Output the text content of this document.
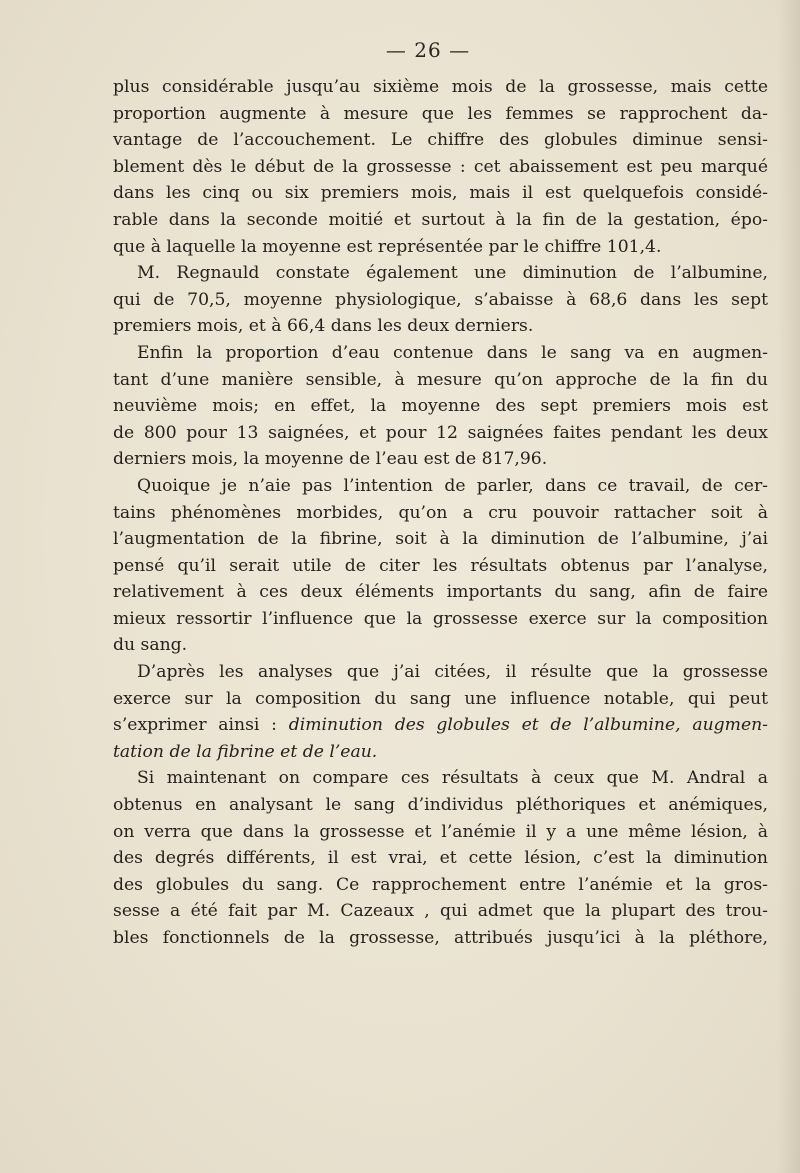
— 26 —
plus considérable jusqu’au sixième mois de la grossesse, mais cette
proportion augmente à mesure que les femmes se rapprochent da-
vantage de l’accouchement. Le chiffre des globules diminue sensi-
blement dès le début de la grossesse : cet abaissement est peu marqué
dans les cinq ou six premiers mois, mais il est quelquefois considé-
rable dans la seconde moitié et surtout à la fin de la gestation, épo-
que à laquelle la moyenne est représentée par le chiffre 101,4.
M. Regnauld constate également une diminution de l’albumine,
qui de 70,5, moyenne physiologique, s’abaisse à 68,6 dans les sept
premiers mois, et à 66,4 dans les deux derniers.
Enfin la proportion d’eau contenue dans le sang va en augmen-
tant d’une manière sensible, à mesure qu’on approche de la fin du
neuvième mois; en effet, la moyenne des sept premiers mois est
de 800 pour 13 saignées, et pour 12 saignées faites pendant les deux
derniers mois, la moyenne de l’eau est de 817,96.
Quoique je n’aie pas l’intention de parler, dans ce travail, de cer-
tains phénomènes morbides, qu’on a cru pouvoir rattacher soit à
l’augmentation de la fibrine, soit à la diminution de l’albumine, j’ai
pensé qu’il serait utile de citer les résultats obtenus par l’analyse,
relativement à ces deux éléments importants du sang, afin de faire
mieux ressortir l’influence que la grossesse exerce sur la composition
du sang.
D’après les analyses que j’ai citées, il résulte que la grossesse
exerce sur la composition du sang une influence notable, qui peut
s’exprimer ainsi : diminution des globules et de l’albumine, augmen-
tation de la fibrine et de l’eau.
Si maintenant on compare ces résultats à ceux que M. Andral a
obtenus en analysant le sang d’individus pléthoriques et anémiques,
on verra que dans la grossesse et l’anémie il y a une même lésion, à
des degrés différents, il est vrai, et cette lésion, c’est la diminution
des globules du sang. Ce rapprochement entre l’anémie et la gros-
sesse a été fait par M. Cazeaux , qui admet que la plupart des trou-
bles fonctionnels de la grossesse, attribués jusqu’ici à la pléthore,
